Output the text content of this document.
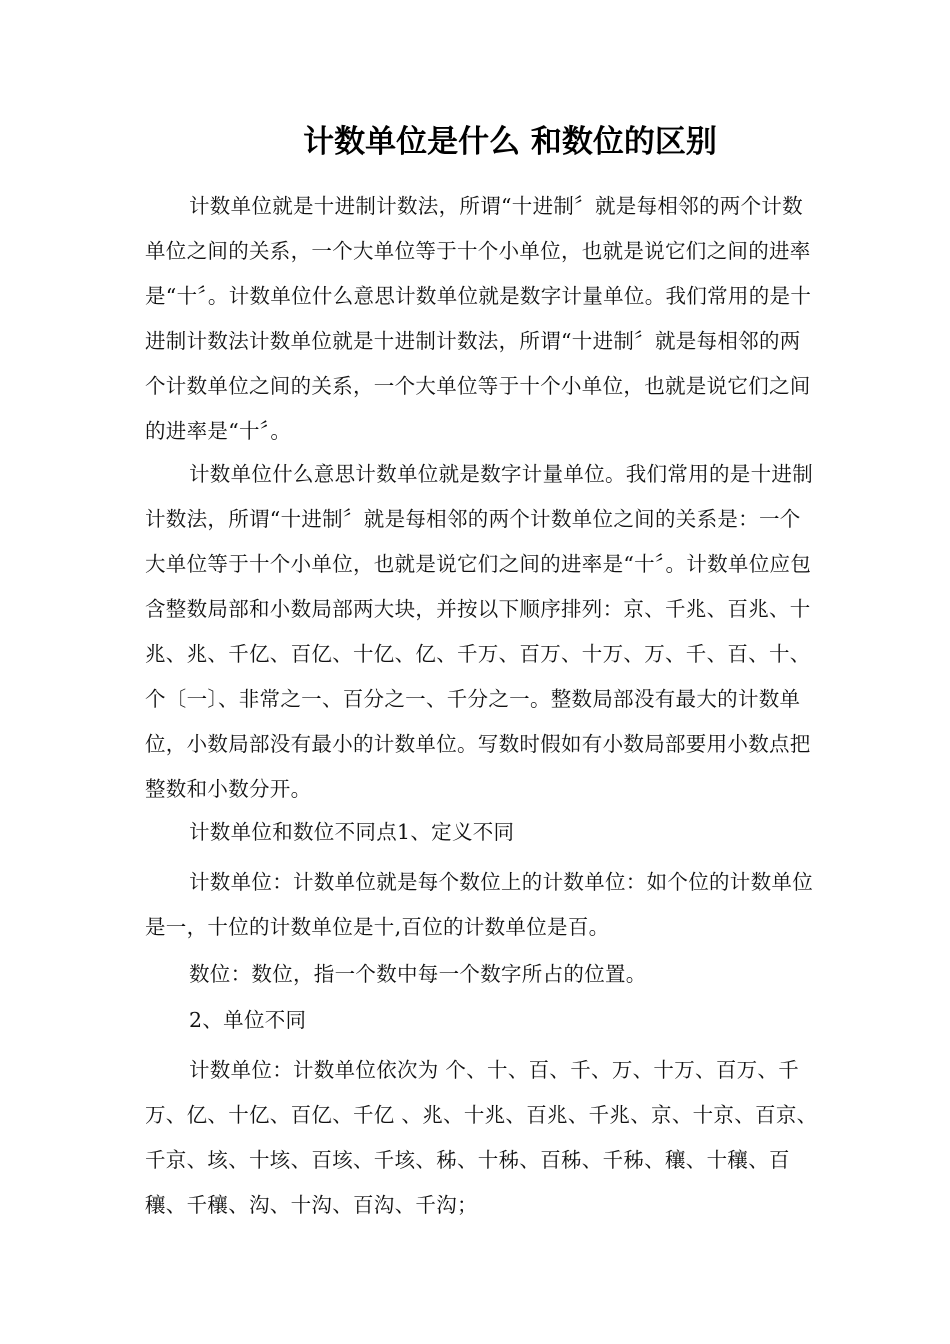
计数单位是什么 和数位的区别

计数单位就是十进制计数法，所谓“十进制〞就是每相邻的两个计数单位之间的关系，一个大单位等于十个小单位，也就是说它们之间的进率是“十〞。计数单位什么意思计数单位就是数字计量单位。我们常用的是十进制计数法计数单位就是十进制计数法，所谓“十进制〞就是每相邻的两个计数单位之间的关系，一个大单位等于十个小单位，也就是说它们之间的进率是“十〞。

计数单位什么意思计数单位就是数字计量单位。我们常用的是十进制计数法，所谓“十进制〞就是每相邻的两个计数单位之间的关系是：一个大单位等于十个小单位，也就是说它们之间的进率是“十〞。计数单位应包含整数局部和小数局部两大块，并按以下顺序排列：京、千兆、百兆、十兆、兆、千亿、百亿、十亿、亿、千万、百万、十万、万、千、百、十、个〔一〕、非常之一、百分之一、千分之一。整数局部没有最大的计数单位，小数局部没有最小的计数单位。写数时假如有小数局部要用小数点把整数和小数分开。

计数单位和数位不同点1、定义不同

计数单位：计数单位就是每个数位上的计数单位：如个位的计数单位是一，十位的计数单位是十,百位的计数单位是百。

数位：数位，指一个数中每一个数字所占的位置。

2、单位不同

计数单位：计数单位依次为 个、十、百、千、万、十万、百万、千万、亿、十亿、百亿、千亿 、兆、十兆、百兆、千兆、京、十京、百京、千京、垓、十垓、百垓、千垓、秭、十秭、百秭、千秭、穰、十穰、百穰、千穰、沟、十沟、百沟、千沟；
